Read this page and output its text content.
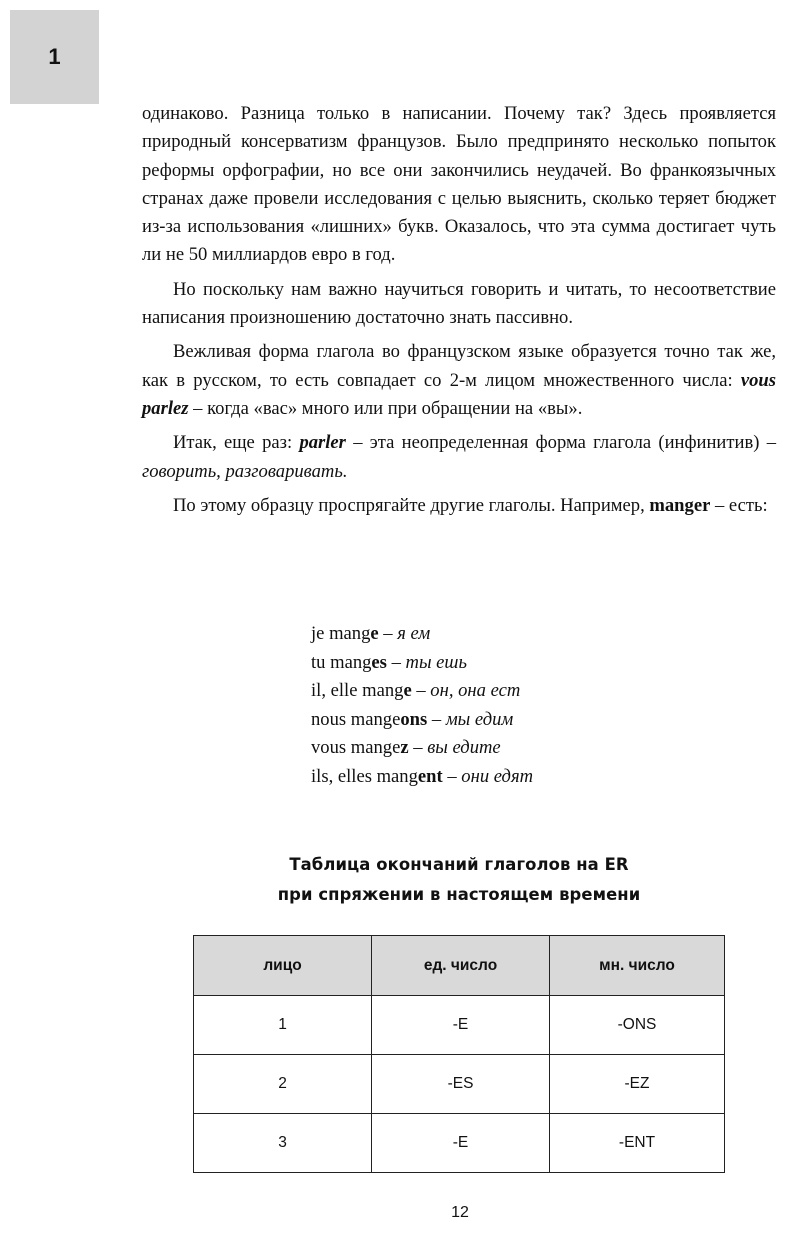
1

одинаково. Разница только в написании. Почему так? Здесь проявляется природный консерватизм французов. Было предпринято несколько попыток реформы орфографии, но все они закончились неудачей. Во франкоязычных странах даже провели исследования с целью выяснить, сколько теряет бюджет из-за использования «лишних» букв. Оказалось, что эта сумма достигает чуть ли не 50 миллиардов евро в год.

Но поскольку нам важно научиться говорить и читать, то несоответствие написания произношению достаточно знать пассивно.

Вежливая форма глагола во французском языке образуется точно так же, как в русском, то есть совпадает со 2-м лицом множественного числа: vous parlez – когда «вас» много или при обращении на «вы».

Итак, еще раз: parler – эта неопределенная форма глагола (инфинитив) – говорить, разговаривать.

По этому образцу проспрягайте другие глаголы. Например, manger – есть:

je mange – я ем
tu manges – ты ешь
il, elle mange – он, она ест
nous mangeons – мы едим
vous mangez – вы едите
ils, elles mangent – они едят
Таблица окончаний глаголов на ER
при спряжении в настоящем времени
лицо	ед. число	мн. число
1	-E	-ONS
2	-ES	-EZ
3	-E	-ENT
12
